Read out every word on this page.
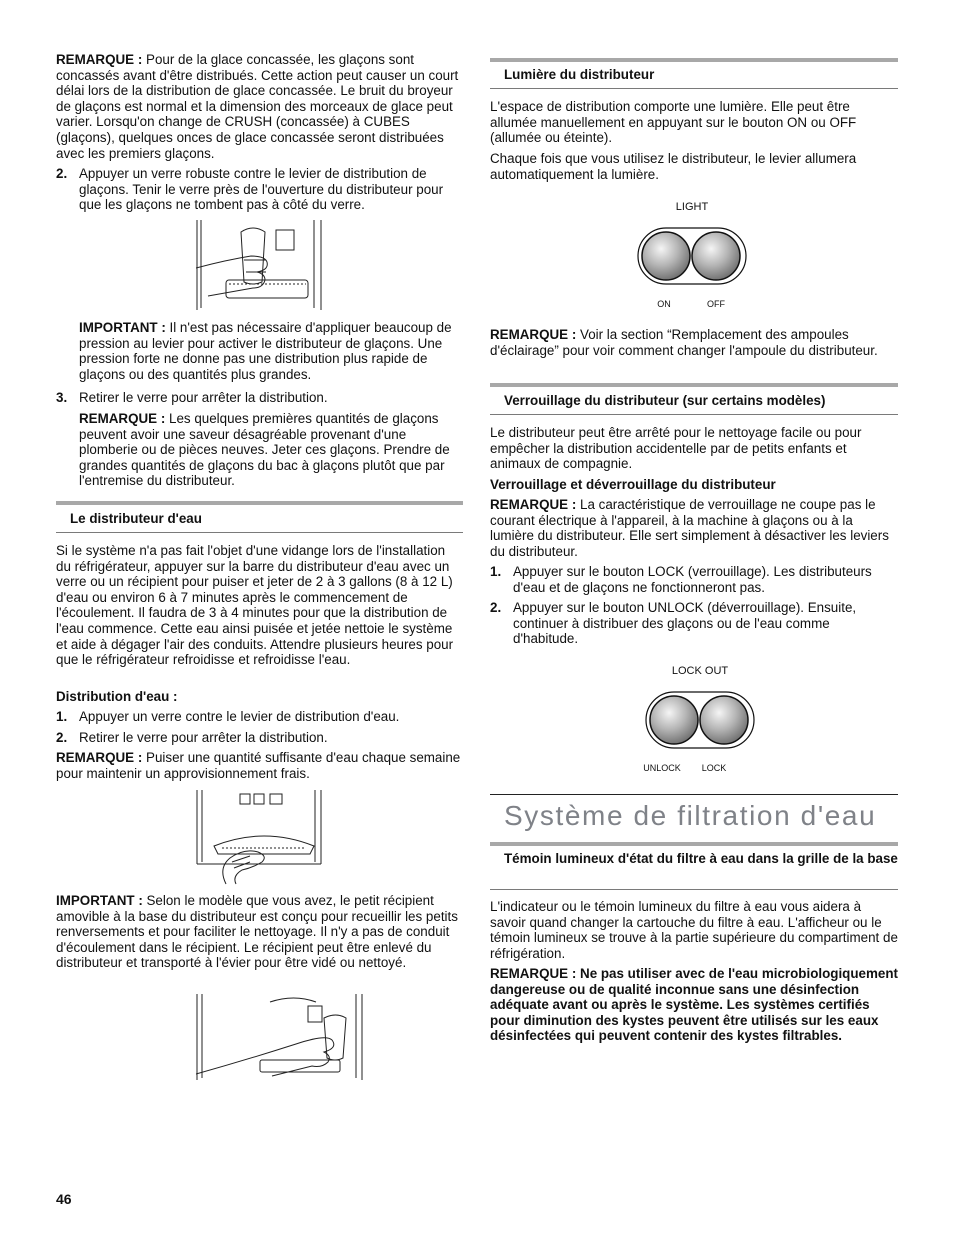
REMARQUE : Pour de la glace concassée, les glaçons sont concassés avant d'être distribués. Cette action peut causer un court délai lors de la distribution de glace concassée. Le bruit du broyeur de glaçons est normal et la dimension des morceaux de glace peut varier. Lorsqu'on change de CRUSH (concassée) à CUBES (glaçons), quelques onces de glace concassée seront distribuées avec les premiers glaçons.

2. Appuyer un verre robuste contre le levier de distribution de glaçons. Tenir le verre près de l'ouverture du distributeur pour que les glaçons ne tombent pas à côté du verre.

IMPORTANT : Il n'est pas nécessaire d'appliquer beaucoup de pression au levier pour activer le distributeur de glaçons. Une pression forte ne donne pas une distribution plus rapide de glaçons ou des quantités plus grandes.

3. Retirer le verre pour arrêter la distribution.

REMARQUE : Les quelques premières quantités de glaçons peuvent avoir une saveur désagréable provenant d'une plomberie ou de pièces neuves. Jeter ces glaçons. Prendre de grandes quantités de glaçons du bac à glaçons plutôt que par l'entremise du distributeur.

Le distributeur d'eau

Si le système n'a pas fait l'objet d'une vidange lors de l'installation du réfrigérateur, appuyer sur la barre du distributeur d'eau avec un verre ou un récipient pour puiser et jeter de 2 à 3 gallons (8 à 12 L) d'eau ou environ 6 à 7 minutes après le commencement de l'écoulement. Il faudra de 3 à 4 minutes pour que la distribution de l'eau commence. Cette eau ainsi puisée et jetée nettoie le système et aide à dégager l'air des conduits. Attendre plusieurs heures pour que le réfrigérateur refroidisse et refroidisse l'eau.

Distribution d'eau :

1. Appuyer un verre contre le levier de distribution d'eau.

2. Retirer le verre pour arrêter la distribution.

REMARQUE : Puiser une quantité suffisante d'eau chaque semaine pour maintenir un approvisionnement frais.

IMPORTANT : Selon le modèle que vous avez, le petit récipient amovible à la base du distributeur est conçu pour recueillir les petits renversements et pour faciliter le nettoyage. Il n'y a pas de conduit d'écoulement dans le récipient. Le récipient peut être enlevé du distributeur et transporté à l'évier pour être vidé ou nettoyé.

Lumière du distributeur

L'espace de distribution comporte une lumière. Elle peut être allumée manuellement en appuyant sur le bouton ON ou OFF (allumée ou éteinte).

Chaque fois que vous utilisez le distributeur, le levier allumera automatiquement la lumière.

LIGHT
ON	OFF

REMARQUE : Voir la section “Remplacement des ampoules d'éclairage” pour voir comment changer l'ampoule du distributeur.

Verrouillage du distributeur (sur certains modèles)

Le distributeur peut être arrêté pour le nettoyage facile ou pour empêcher la distribution accidentelle par de petits enfants et animaux de compagnie.

Verrouillage et déverrouillage du distributeur

REMARQUE : La caractéristique de verrouillage ne coupe pas le courant électrique à l'appareil, à la machine à glaçons ou à la lumière du distributeur. Elle sert simplement à désactiver les leviers du distributeur.

1. Appuyer sur le bouton LOCK (verrouillage). Les distributeurs d'eau et de glaçons ne fonctionneront pas.

2. Appuyer sur le bouton UNLOCK (déverrouillage). Ensuite, continuer à distribuer des glaçons ou de l'eau comme d'habitude.

LOCK OUT
UNLOCK LOCK
Système de filtration d'eau
Témoin lumineux d'état du filtre à eau dans la grille de la base

L'indicateur ou le témoin lumineux du filtre à eau vous aidera à savoir quand changer la cartouche du filtre à eau. L'afficheur ou le témoin lumineux se trouve à la partie supérieure du compartiment de réfrigération.

REMARQUE : Ne pas utiliser avec de l'eau microbiologiquement dangereuse ou de qualité inconnue sans une désinfection adéquate avant ou après le système. Les systèmes certifiés pour diminution des kystes peuvent être utilisés sur les eaux désinfectées qui peuvent contenir des kystes filtrables.

46
